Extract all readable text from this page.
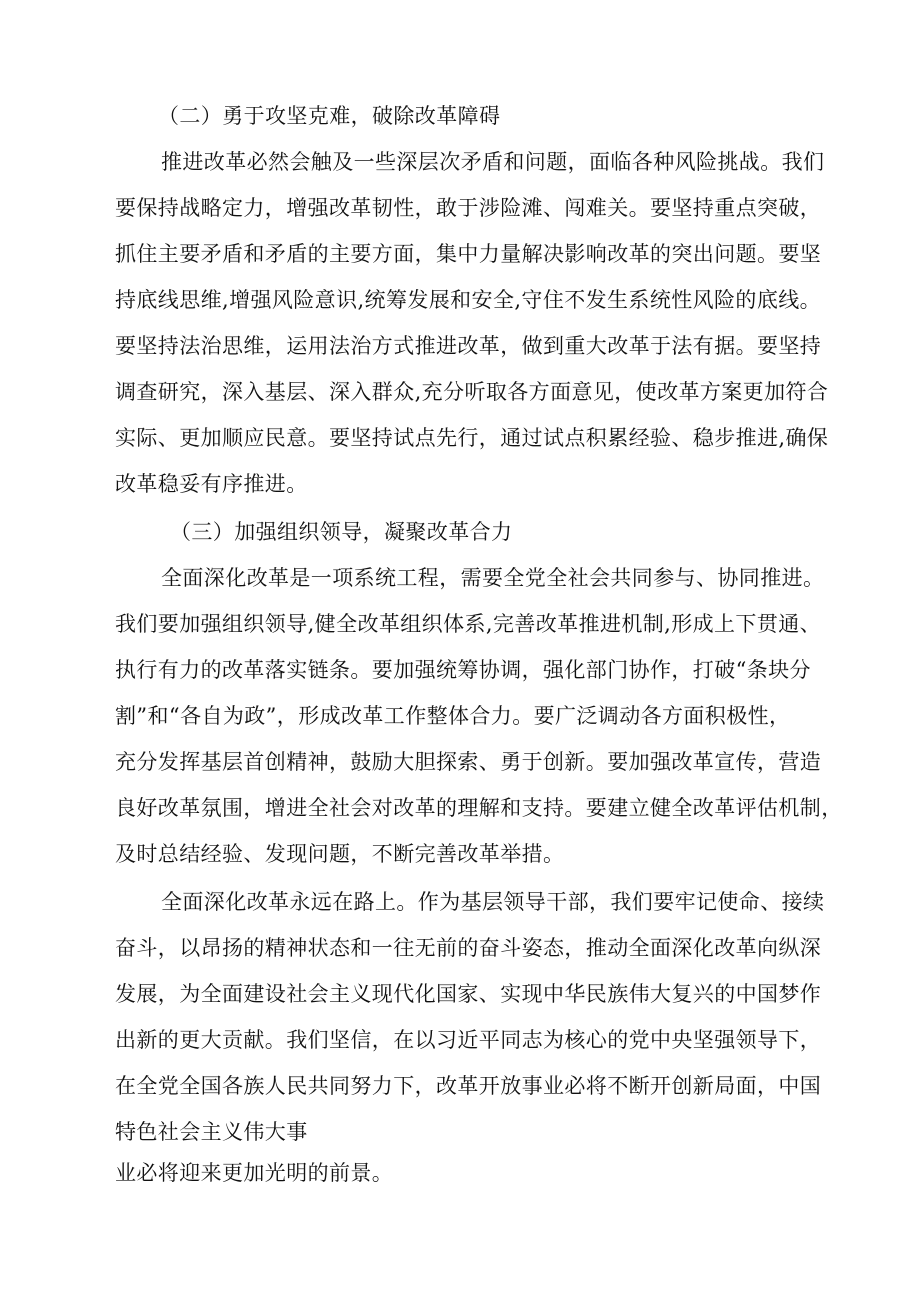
（二）勇于攻坚克难，破除改革障碍
推进改革必然会触及一些深层次矛盾和问题，面临各种风险挑战。我们
要保持战略定力，增强改革韧性，敢于涉险滩、闯难关。要坚持重点突破，
抓住主要矛盾和矛盾的主要方面，集中力量解决影响改革的突出问题。要坚
持底线思维,增强风险意识,统筹发展和安全,守住不发生系统性风险的底线。
要坚持法治思维，运用法治方式推进改革，做到重大改革于法有据。要坚持
调查研究，深入基层、深入群众,充分听取各方面意见，使改革方案更加符合
实际、更加顺应民意。要坚持试点先行，通过试点积累经验、稳步推进,确保
改革稳妥有序推进。
（三）加强组织领导，凝聚改革合力
全面深化改革是一项系统工程，需要全党全社会共同参与、协同推进。
我们要加强组织领导,健全改革组织体系,完善改革推进机制,形成上下贯通、
执行有力的改革落实链条。要加强统筹协调，强化部门协作，打破“条块分
割”和“各自为政”，形成改革工作整体合力。要广泛调动各方面积极性，
充分发挥基层首创精神，鼓励大胆探索、勇于创新。要加强改革宣传，营造
良好改革氛围，增进全社会对改革的理解和支持。要建立健全改革评估机制，
及时总结经验、发现问题，不断完善改革举措。
全面深化改革永远在路上。作为基层领导干部，我们要牢记使命、接续
奋斗，以昂扬的精神状态和一往无前的奋斗姿态，推动全面深化改革向纵深
发展，为全面建设社会主义现代化国家、实现中华民族伟大复兴的中国梦作
出新的更大贡献。我们坚信，在以习近平同志为核心的党中央坚强领导下，
在全党全国各族人民共同努力下，改革开放事业必将不断开创新局面，中国
特色社会主义伟大事
业必将迎来更加光明的前景。
